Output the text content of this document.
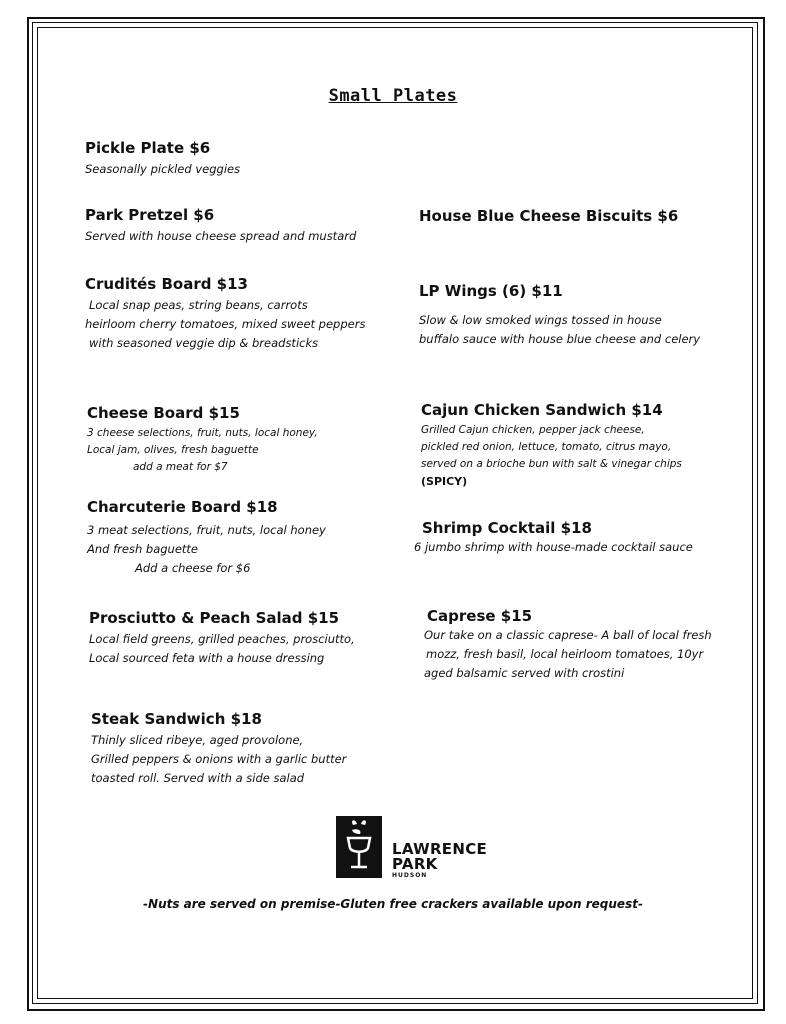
Small Plates
Pickle Plate $6
Seasonally pickled veggies
Park Pretzel $6
Served with house cheese spread and mustard
Crudités Board $13
Local snap peas, string beans, carrots
heirloom cherry tomatoes, mixed sweet peppers
with seasoned veggie dip & breadsticks
Cheese Board $15
3 cheese selections, fruit, nuts, local honey,
Local jam, olives, fresh baguette
add a meat for $7
Charcuterie Board $18
3 meat selections, fruit, nuts, local honey
And fresh baguette
Add a cheese for $6
Prosciutto & Peach Salad $15
Local field greens, grilled peaches, prosciutto,
Local sourced feta with a house dressing
Steak Sandwich $18
Thinly sliced ribeye, aged provolone,
Grilled peppers & onions with a garlic butter
toasted roll. Served with a side salad
House Blue Cheese Biscuits $6
LP Wings (6) $11
Slow & low smoked wings tossed in house
buffalo sauce with house blue cheese and celery
Cajun Chicken Sandwich $14
Grilled Cajun chicken, pepper jack cheese,
pickled red onion, lettuce, tomato, citrus mayo,
served on a brioche bun with salt & vinegar chips
(SPICY)
Shrimp Cocktail $18
6 jumbo shrimp with house-made cocktail sauce
Caprese $15
Our take on a classic caprese- A ball of local fresh
mozz, fresh basil, local heirloom tomatoes, 10yr
aged balsamic served with crostini
LAWRENCE
PARK
HUDSON
-Nuts are served on premise-Gluten free crackers available upon request-
